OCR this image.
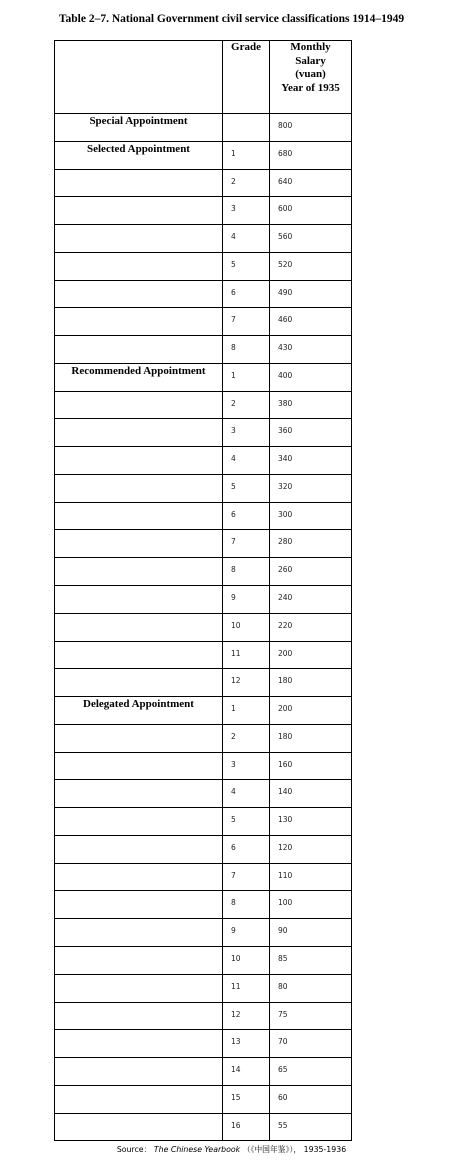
Table 2–7. National Government civil service classifications 1914–1949
	Grade	Monthly
Salary
(vuan)
Year of 1935

Special Appointment		800
Selected Appointment	1	680
	2	640
	3	600
	4	560
	5	520
	6	490
	7	460
	8	430
Recommended Appointment	1	400
	2	380
	3	360
	4	340
	5	320
	6	300
	7	280
	8	260
	9	240
	10	220
	11	200
	12	180
Delegated Appointment	1	200
	2	180
	3	160
	4	140
	5	130
	6	120
	7	110
	8	100
	9	90
	10	85
	11	80
	12	75
	13	70
	14	65
	15	60
	16	55
Source： The Chinese Yearbook （《中国年鉴》）， 1935-1936
